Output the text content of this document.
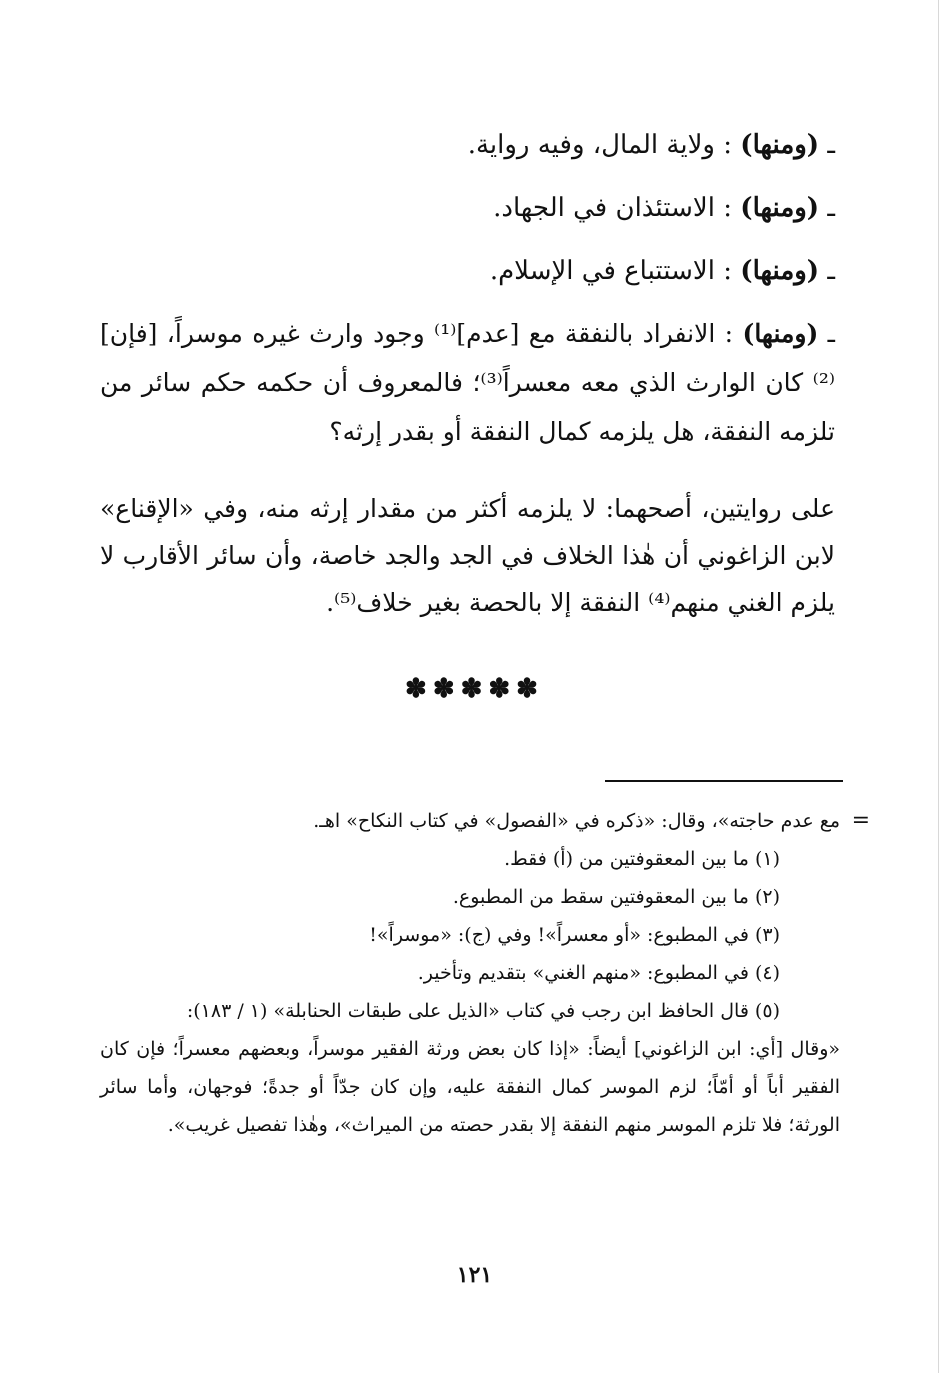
ـ (ومنها) : ولاية المال، وفيه رواية.
ـ (ومنها) : الاستئذان في الجهاد.
ـ (ومنها) : الاستتباع في الإسلام.
ـ (ومنها) : الانفراد بالنفقة مع [عدم]⁽¹⁾ وجود وارث غيره موسراً، [فإن]⁽²⁾ كان الوارث الذي معه معسراً⁽³⁾؛ فالمعروف أن حكمه حكم سائر من تلزمه النفقة، هل يلزمه كمال النفقة أو بقدر إرثه؟
على روايتين، أصحهما: لا يلزمه أكثر من مقدار إرثه منه، وفي «الإقناع» لابن الزاغوني أن هٰذا الخلاف في الجد والجد خاصة، وأن سائر الأقارب لا يلزم الغني منهم⁽⁴⁾ النفقة إلا بالحصة بغير خلاف⁽⁵⁾.
✽✽✽✽✽
=
مع عدم حاجته»، وقال: «ذكره في «الفصول» في كتاب النكاح» اهـ.
(١) ما بين المعقوفتين من (أ) فقط.
(٢) ما بين المعقوفتين سقط من المطبوع.
(٣) في المطبوع: «أو معسراً»! وفي (ج): «موسراً»!
(٤) في المطبوع: «منهم الغني» بتقديم وتأخير.
(٥) قال الحافظ ابن رجب في كتاب «الذيل على طبقات الحنابلة» (١ / ١٨٣):
«وقال [أي: ابن الزاغوني] أيضاً: «إذا كان بعض ورثة الفقير موسراً، وبعضهم معسراً؛ فإن كان الفقير أباً أو أمّاً؛ لزم الموسر كمال النفقة عليه، وإن كان جدّاً أو جدةً؛ فوجهان، وأما سائر الورثة؛ فلا تلزم الموسر منهم النفقة إلا بقدر حصته من الميراث»، وهٰذا تفصيل غريب».
١٢١
